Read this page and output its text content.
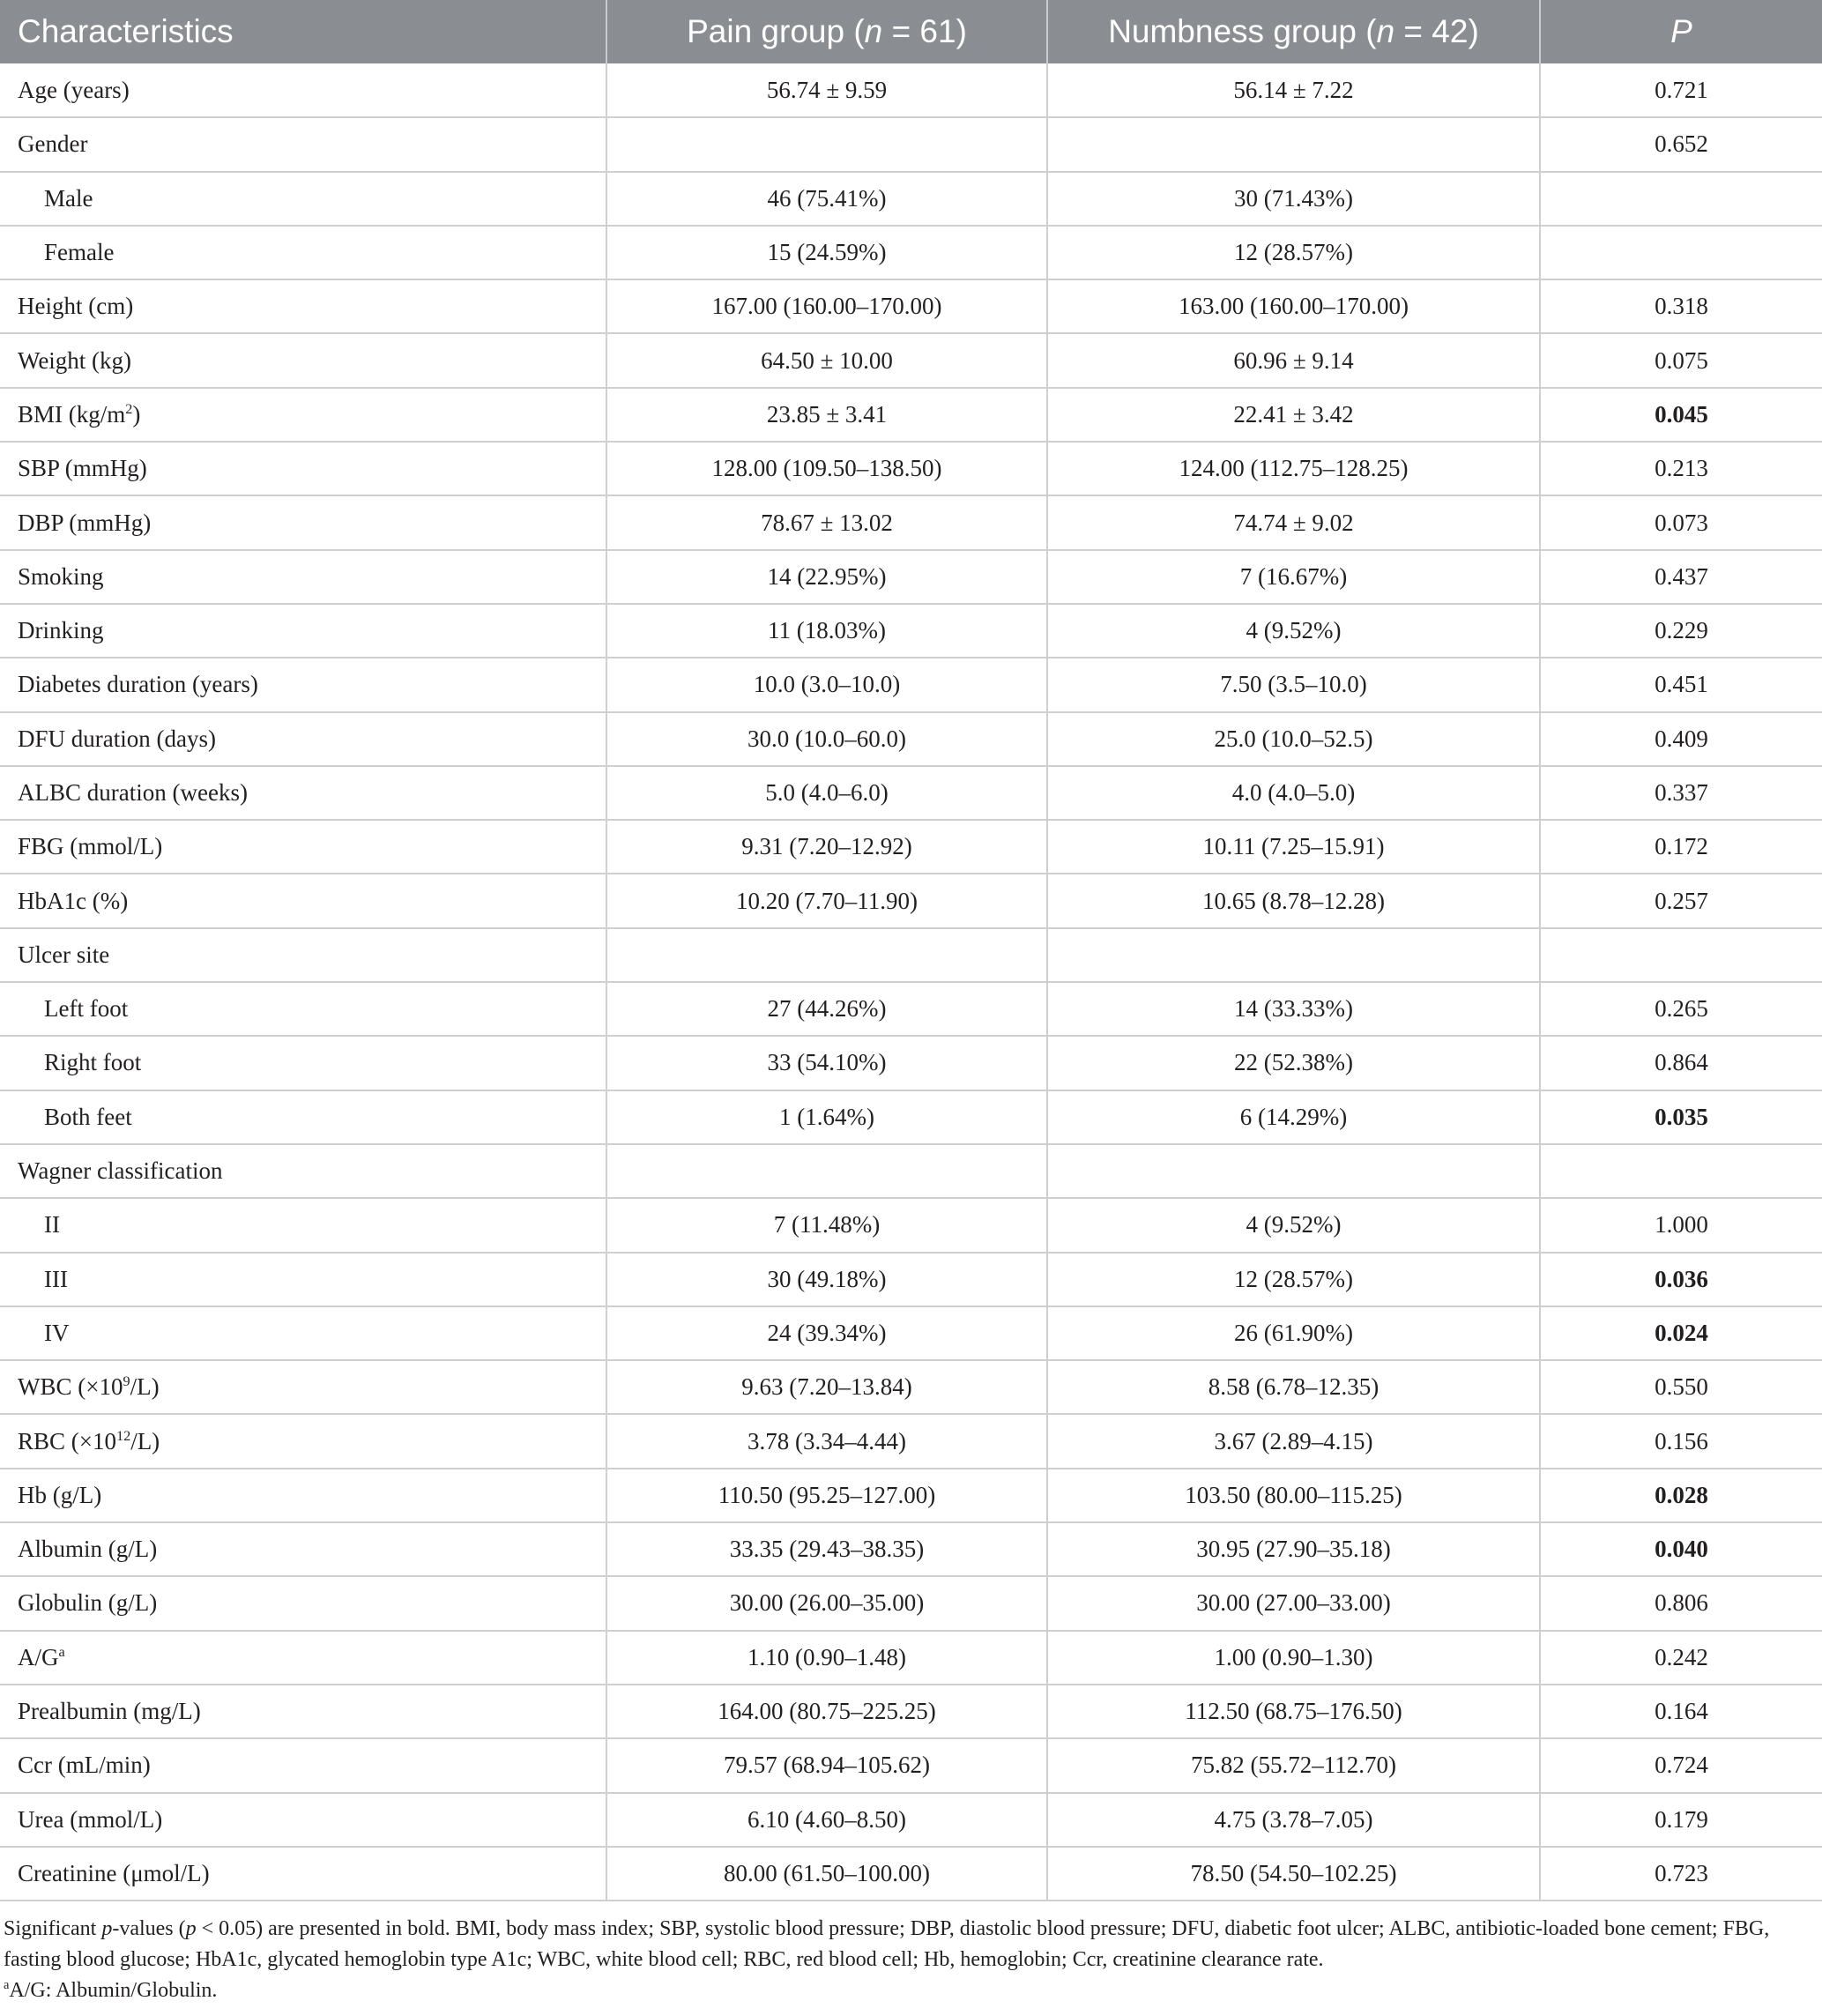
Characteristics	Pain group (n = 61)	Numbness group (n = 42)	P
Age (years)	56.74 ± 9.59	56.14 ± 7.22	0.721
Gender			0.652
Male	46 (75.41%)	30 (71.43%)	
Female	15 (24.59%)	12 (28.57%)	
Height (cm)	167.00 (160.00–170.00)	163.00 (160.00–170.00)	0.318
Weight (kg)	64.50 ± 10.00	60.96 ± 9.14	0.075
BMI $(kg/m^2)$	23.85 ± 3.41	22.41 ± 3.42	0.045
SBP (mmHg)	128.00 (109.50–138.50)	124.00 (112.75–128.25)	0.213
DBP (mmHg)	78.67 ± 13.02	74.74 ± 9.02	0.073
Smoking	14 (22.95%)	7 (16.67%)	0.437
Drinking	11 (18.03%)	4 (9.52%)	0.229
Diabetes duration (years)	10.0 (3.0–10.0)	7.50 (3.5–10.0)	0.451
DFU duration (days)	30.0 (10.0–60.0)	25.0 (10.0–52.5)	0.409
ALBC duration (weeks)	5.0 (4.0–6.0)	4.0 (4.0–5.0)	0.337
FBG (mmol/L)	9.31 (7.20–12.92)	10.11 (7.25–15.91)	0.172
HbA1c (%)	10.20 (7.70–11.90)	10.65 (8.78–12.28)	0.257
Ulcer site			
Left foot	27 (44.26%)	14 (33.33%)	0.265
Right foot	33 (54.10%)	22 (52.38%)	0.864
Both feet	1 (1.64%)	6 (14.29%)	0.035
Wagner classification			
II	7 (11.48%)	4 (9.52%)	1.000
III	30 (49.18%)	12 (28.57%)	0.036
IV	24 (39.34%)	26 (61.90%)	0.024
WBC $(\times 10^9/L)$	9.63 (7.20–13.84)	8.58 (6.78–12.35)	0.550
RBC $(\times 10^{12}/L)$	3.78 (3.34–4.44)	3.67 (2.89–4.15)	0.156
Hb (g/L)	110.50 (95.25–127.00)	103.50 (80.00–115.25)	0.028
Albumin (g/L)	33.35 (29.43–38.35)	30.95 (27.90–35.18)	0.040
Globulin (g/L)	30.00 (26.00–35.00)	30.00 (27.00–33.00)	0.806
$A/G^a$	1.10 (0.90–1.48)	1.00 (0.90–1.30)	0.242
Prealbumin (mg/L)	164.00 (80.75–225.25)	112.50 (68.75–176.50)	0.164
Ccr (mL/min)	79.57 (68.94–105.62)	75.82 (55.72–112.70)	0.724
Urea (mmol/L)	6.10 (4.60–8.50)	4.75 (3.78–7.05)	0.179
Creatinine (μmol/L)	80.00 (61.50–100.00)	78.50 (54.50–102.25)	0.723
Significant p-values (p < 0.05) are presented in bold. BMI, body mass index; SBP, systolic blood pressure; DBP, diastolic blood pressure; DFU, diabetic foot ulcer; ALBC, antibiotic-loaded bone cement; FBG, fasting blood glucose; HbA1c, glycated hemoglobin type A1c; WBC, white blood cell; RBC, red blood cell; Hb, hemoglobin; Ccr, creatinine clearance rate.
$^a$A/G: Albumin/Globulin.
